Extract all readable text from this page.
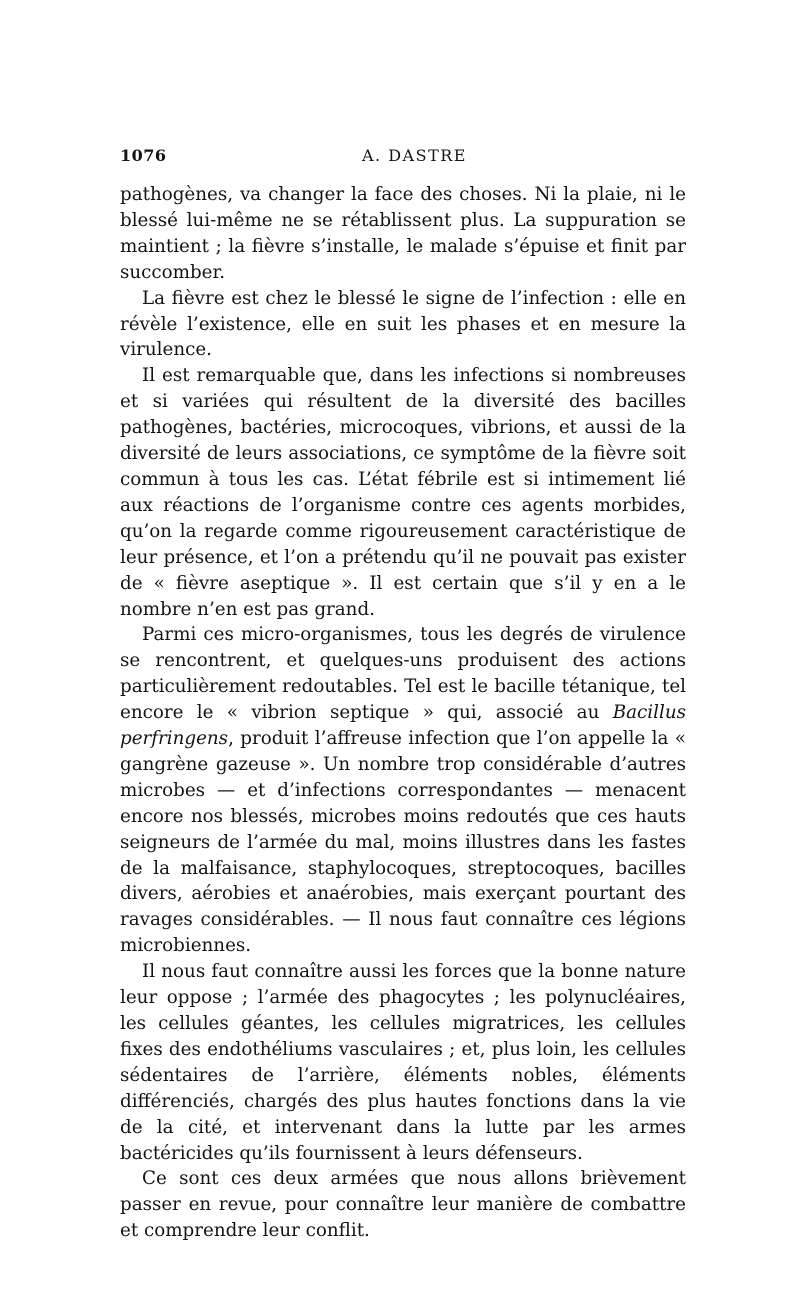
1076	A. DASTRE

pathogènes, va changer la face des choses. Ni la plaie, ni le blessé lui-même ne se rétablissent plus. La suppuration se maintient ; la fièvre s’installe, le malade s’épuise et finit par succomber.

La fièvre est chez le blessé le signe de l’infection : elle en révèle l’existence, elle en suit les phases et en mesure la virulence.

Il est remarquable que, dans les infections si nombreuses et si variées qui résultent de la diversité des bacilles pathogènes, bactéries, microcoques, vibrions, et aussi de la diversité de leurs associations, ce symptôme de la fièvre soit commun à tous les cas. L’état fébrile est si intimement lié aux réactions de l’organisme contre ces agents morbides, qu’on la regarde comme rigoureusement caractéristique de leur présence, et l’on a prétendu qu’il ne pouvait pas exister de « fièvre aseptique ». Il est certain que s’il y en a le nombre n’en est pas grand.

Parmi ces micro-organismes, tous les degrés de virulence se rencontrent, et quelques-uns produisent des actions particulièrement redoutables. Tel est le bacille tétanique, tel encore le « vibrion septique » qui, associé au Bacillus perfringens, produit l’affreuse infection que l’on appelle la « gangrène gazeuse ». Un nombre trop considérable d’autres microbes — et d’infections correspondantes — menacent encore nos blessés, microbes moins redoutés que ces hauts seigneurs de l’armée du mal, moins illustres dans les fastes de la malfaisance, staphylocoques, streptocoques, bacilles divers, aérobies et anaérobies, mais exerçant pourtant des ravages considérables. — Il nous faut connaître ces légions microbiennes.

Il nous faut connaître aussi les forces que la bonne nature leur oppose ; l’armée des phagocytes ; les polynucléaires, les cellules géantes, les cellules migratrices, les cellules fixes des endothéliums vasculaires ; et, plus loin, les cellules sédentaires de l’arrière, éléments nobles, éléments différenciés, chargés des plus hautes fonctions dans la vie de la cité, et intervenant dans la lutte par les armes bactéricides qu’ils fournissent à leurs défenseurs.

Ce sont ces deux armées que nous allons brièvement passer en revue, pour connaître leur manière de combattre et comprendre leur conflit.
